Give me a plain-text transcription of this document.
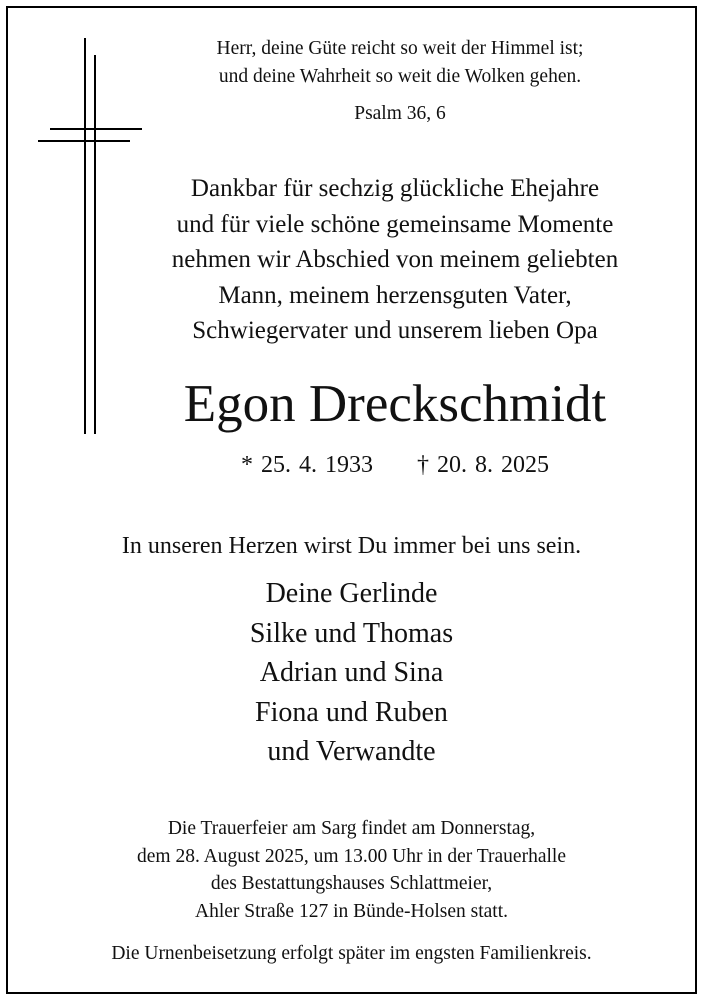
Herr, deine Güte reicht so weit der Himmel ist;
und deine Wahrheit so weit die Wolken gehen.
Psalm 36, 6
Dankbar für sechzig glückliche Ehejahre
und für viele schöne gemeinsame Momente
nehmen wir Abschied von meinem geliebten
Mann, meinem herzensguten Vater,
Schwiegervater und unserem lieben Opa
Egon Dreckschmidt
* 25. 4. 1933 † 20. 8. 2025
In unseren Herzen wirst Du immer bei uns sein.
Deine Gerlinde
Silke und Thomas
Adrian und Sina
Fiona und Ruben
und Verwandte
Die Trauerfeier am Sarg findet am Donnerstag,
dem 28. August 2025, um 13.00 Uhr in der Trauerhalle
des Bestattungshauses Schlattmeier,
Ahler Straße 127 in Bünde-Holsen statt.
Die Urnenbeisetzung erfolgt später im engsten Familienkreis.
